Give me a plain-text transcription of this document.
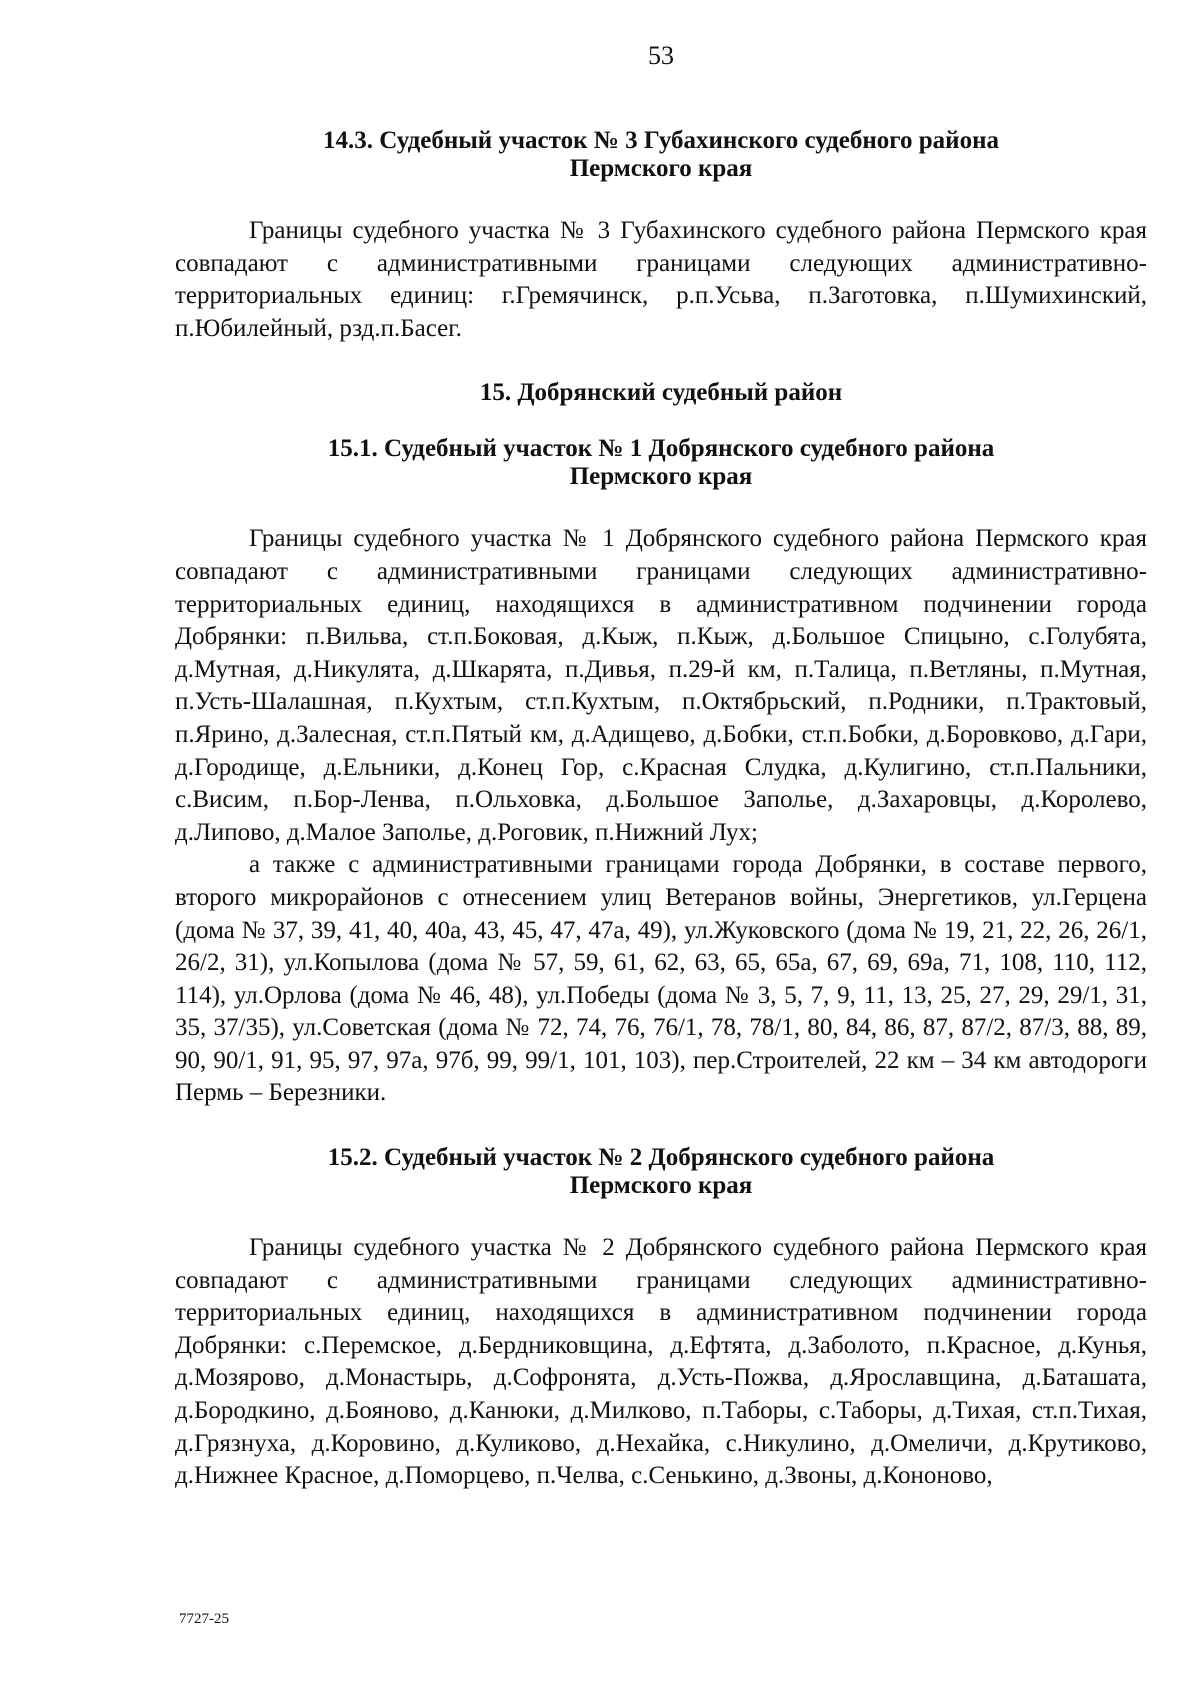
53
14.3. Судебный участок № 3 Губахинского судебного района
Пермского края

Границы судебного участка № 3 Губахинского судебного района Пермского края совпадают с административными границами следующих административно-территориальных единиц: г.Гремячинск, р.п.Усьва, п.Заготовка, п.Шумихинский, п.Юбилейный, рзд.п.Басег.

15. Добрянский судебный район
15.1. Судебный участок № 1 Добрянского судебного района
Пермского края

Границы судебного участка № 1 Добрянского судебного района Пермского края совпадают с административными границами следующих административно-территориальных единиц, находящихся в административном подчинении города Добрянки: п.Вильва, ст.п.Боковая, д.Кыж, п.Кыж, д.Большое Спицыно, с.Голубята, д.Мутная, д.Никулята, д.Шкарята, п.Дивья, п.29-й км, п.Талица, п.Ветляны, п.Мутная, п.Усть-Шалашная, п.Кухтым, ст.п.Кухтым, п.Октябрьский, п.Родники, п.Трактовый, п.Ярино, д.Залесная, ст.п.Пятый км, д.Адищево, д.Бобки, ст.п.Бобки, д.Боровково, д.Гари, д.Городище, д.Ельники, д.Конец Гор, с.Красная Слудка, д.Кулигино, ст.п.Пальники, с.Висим, п.Бор-Ленва, п.Ольховка, д.Большое Заполье, д.Захаровцы, д.Королево, д.Липово, д.Малое Заполье, д.Роговик, п.Нижний Лух;

а также с административными границами города Добрянки, в составе первого, второго микрорайонов с отнесением улиц Ветеранов войны, Энергетиков, ул.Герцена (дома № 37, 39, 41, 40, 40а, 43, 45, 47, 47а, 49), ул.Жуковского (дома № 19, 21, 22, 26, 26/1, 26/2, 31), ул.Копылова (дома № 57, 59, 61, 62, 63, 65, 65а, 67, 69, 69а, 71, 108, 110, 112, 114), ул.Орлова (дома № 46, 48), ул.Победы (дома № 3, 5, 7, 9, 11, 13, 25, 27, 29, 29/1, 31, 35, 37/35), ул.Советская (дома № 72, 74, 76, 76/1, 78, 78/1, 80, 84, 86, 87, 87/2, 87/3, 88, 89, 90, 90/1, 91, 95, 97, 97а, 97б, 99, 99/1, 101, 103), пер.Строителей, 22 км – 34 км автодороги Пермь – Березники.

15.2. Судебный участок № 2 Добрянского судебного района
Пермского края

Границы судебного участка № 2 Добрянского судебного района Пермского края совпадают с административными границами следующих административно-территориальных единиц, находящихся в административном подчинении города Добрянки: с.Перемское, д.Бердниковщина, д.Ефтята, д.Заболото, п.Красное, д.Кунья, д.Мозярово, д.Монастырь, д.Софронята, д.Усть-Пожва, д.Ярославщина, д.Баташата, д.Бородкино, д.Бояново, д.Канюки, д.Милково, п.Таборы, с.Таборы, д.Тихая, ст.п.Тихая, д.Грязнуха, д.Коровино, д.Куликово, д.Нехайка, с.Никулино, д.Омеличи, д.Крутиково, д.Нижнее Красное, д.Поморцево, п.Челва, с.Сенькино, д.Звоны, д.Кононово,

7727-25
